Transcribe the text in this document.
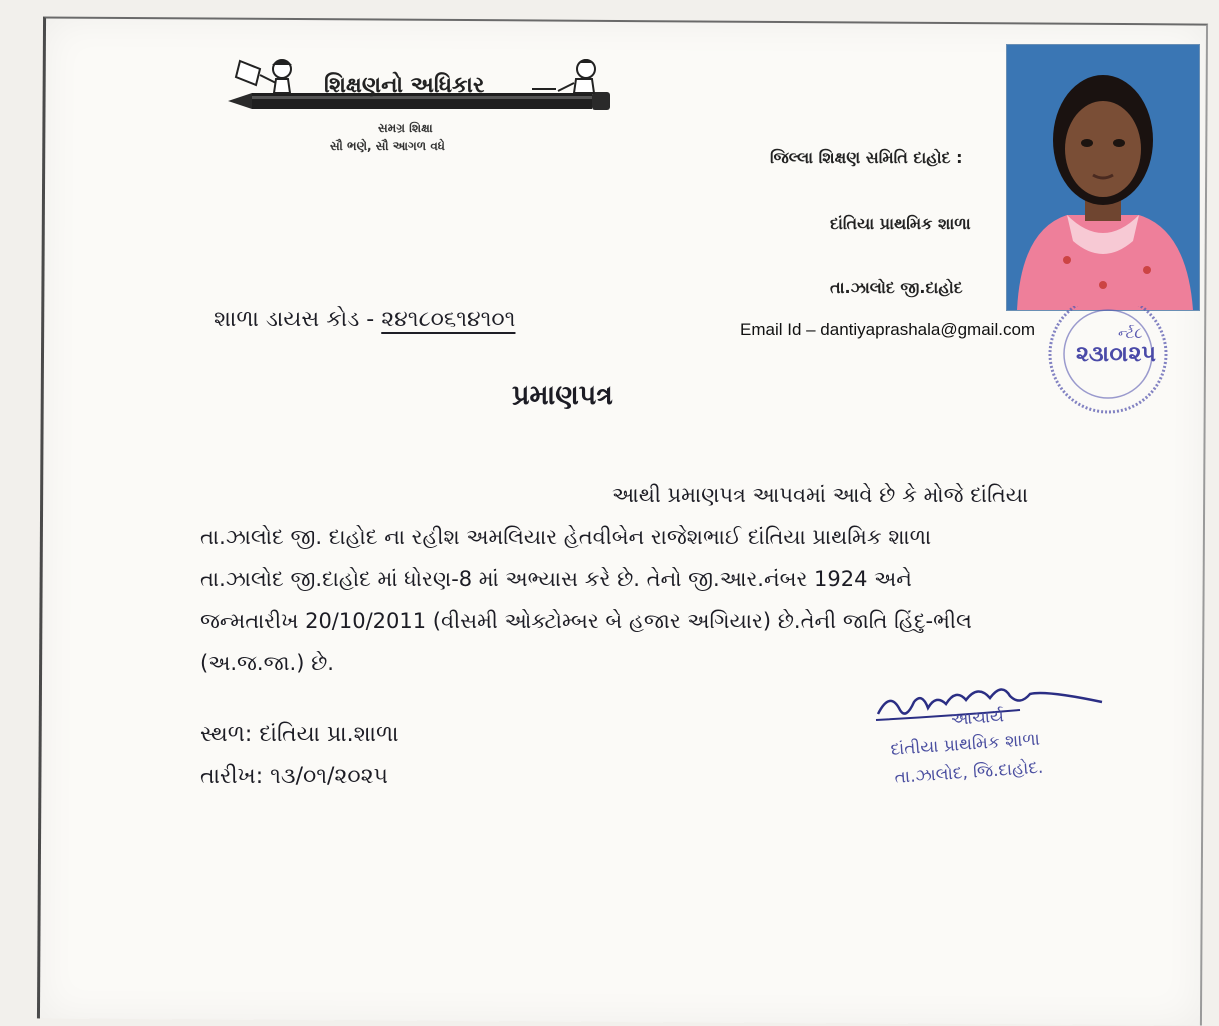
શિક્ષણનો અધિકાર
સમગ્ર શિક્ષા
સૌ ભણે, સૌ આગળ વધે
જિલ્લા શિક્ષણ સમિતિ દાહોદ :
દાંતિયા પ્રાથમિક શાળા
તા.ઝાલોદ જી.દાહોદ
શાળા ડાયસ કોડ - ૨૪૧૮૦૬૧૪૧૦૧	Email Id – dantiyaprashala@gmail.com	ર્ન્ટ૮
૨૩।૦।૨૫
પ્રમાણપત્ર
આથી પ્રમાણપત્ર આપવમાં આવે છે કે મોજે દાંતિયા
તા.ઝાલોદ જી. દાહોદ ના રહીશ અમલિયાર હેતવીબેન રાજેશભાઈ દાંતિયા પ્રાથમિક શાળા
તા.ઝાલોદ જી.દાહોદ માં ધોરણ-8 માં અભ્યાસ કરે છે. તેનો જી.આર.નંબર 1924 અને
જન્મતારીખ 20/10/2011 (વીસમી ઓક્ટોમ્બર બે હજાર અગિયાર) છે.તેની જાતિ હિંદુ-ભીલ
(અ.જ.જા.) છે.
આચાર્ય
દાંતીયા પ્રાથમિક શાળા
તા.ઝાલોદ, જિ.દાહોદ.
સ્થળ: દાંતિયા પ્રા.શાળા
તારીખ: ૧૩/૦૧/૨૦૨૫
